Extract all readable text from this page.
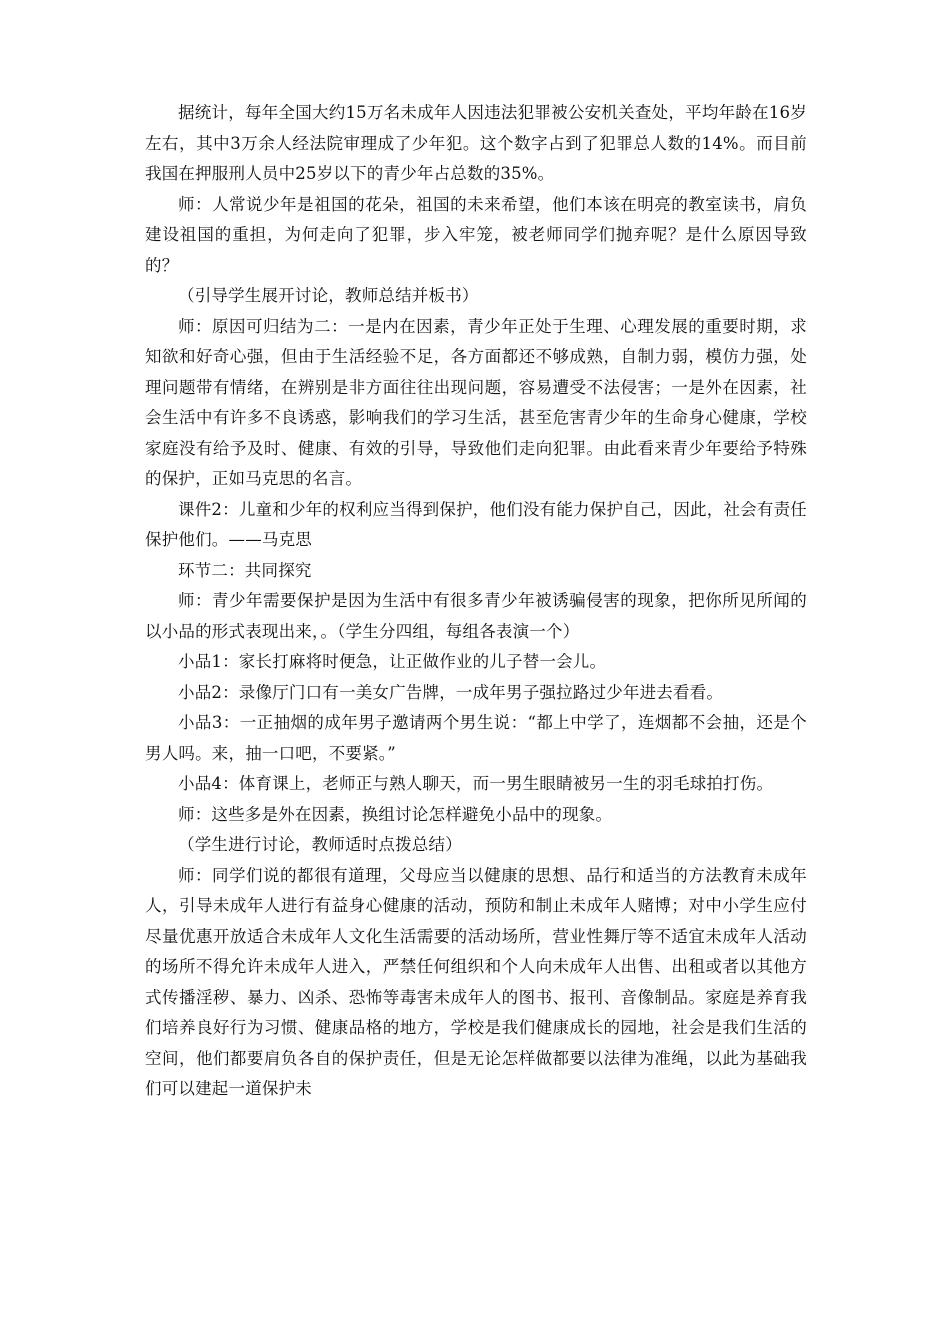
据统计，每年全国大约15万名未成年人因违法犯罪被公安机关查处，平均年龄在16岁左右，其中3万余人经法院审理成了少年犯。这个数字占到了犯罪总人数的14%。而目前我国在押服刑人员中25岁以下的青少年占总数的35%。

师：人常说少年是祖国的花朵，祖国的未来希望，他们本该在明亮的教室读书，肩负建设祖国的重担，为何走向了犯罪，步入牢笼，被老师同学们抛弃呢？是什么原因导致的？

（引导学生展开讨论，教师总结并板书）

师：原因可归结为二：一是内在因素，青少年正处于生理、心理发展的重要时期，求知欲和好奇心强，但由于生活经验不足，各方面都还不够成熟，自制力弱，模仿力强，处理问题带有情绪，在辨别是非方面往往出现问题，容易遭受不法侵害；一是外在因素，社会生活中有许多不良诱惑，影响我们的学习生活，甚至危害青少年的生命身心健康，学校家庭没有给予及时、健康、有效的引导，导致他们走向犯罪。由此看来青少年要给予特殊的保护，正如马克思的名言。

课件2：儿童和少年的权利应当得到保护，他们没有能力保护自己，因此，社会有责任保护他们。——马克思

环节二：共同探究

师：青少年需要保护是因为生活中有很多青少年被诱骗侵害的现象，把你所见所闻的以小品的形式表现出来，。（学生分四组，每组各表演一个）

小品1：家长打麻将时便急，让正做作业的儿子替一会儿。

小品2：录像厅门口有一美女广告牌，一成年男子强拉路过少年进去看看。

小品3：一正抽烟的成年男子邀请两个男生说：“都上中学了，连烟都不会抽，还是个男人吗。来，抽一口吧，不要紧。”

小品4：体育课上，老师正与熟人聊天，而一男生眼睛被另一生的羽毛球拍打伤。

师：这些多是外在因素，换组讨论怎样避免小品中的现象。

（学生进行讨论，教师适时点拨总结）

师：同学们说的都很有道理，父母应当以健康的思想、品行和适当的方法教育未成年人，引导未成年人进行有益身心健康的活动，预防和制止未成年人赌博；对中小学生应付尽量优惠开放适合未成年人文化生活需要的活动场所，营业性舞厅等不适宜未成年人活动的场所不得允许未成年人进入，严禁任何组织和个人向未成年人出售、出租或者以其他方式传播淫秽、暴力、凶杀、恐怖等毒害未成年人的图书、报刊、音像制品。家庭是养育我们培养良好行为习惯、健康品格的地方，学校是我们健康成长的园地，社会是我们生活的空间，他们都要肩负各自的保护责任，但是无论怎样做都要以法律为准绳，以此为基础我们可以建起一道保护未
